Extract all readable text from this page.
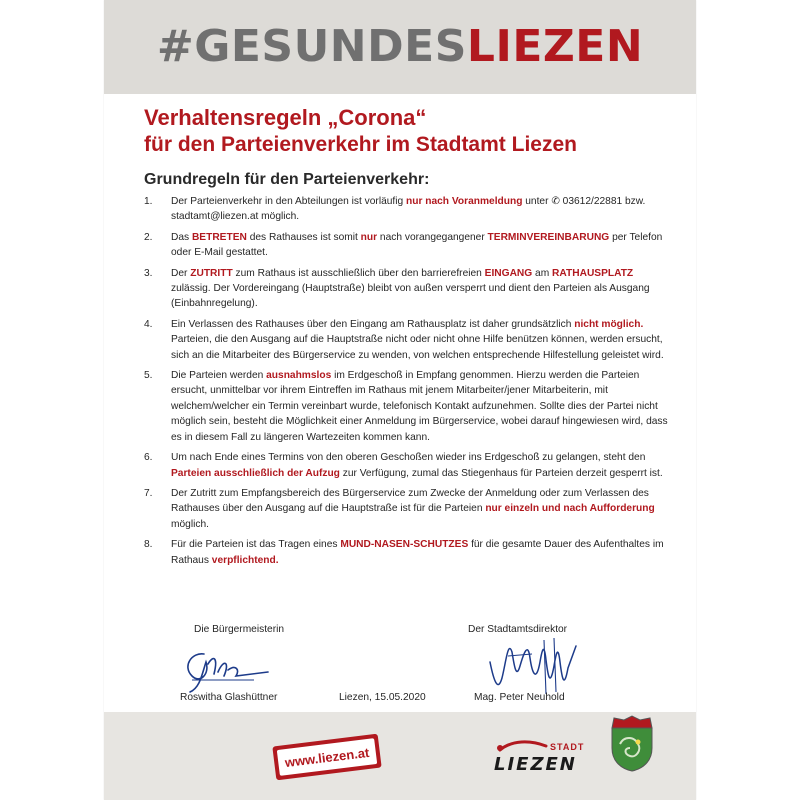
#GESUNDESLIEZEN
Verhaltensregeln „Corona“
für den Parteienverkehr im Stadtamt Liezen
Grundregeln für den Parteienverkehr:
1.	Der Parteienverkehr in den Abteilungen ist vorläufig nur nach Voranmeldung unter ✆ 03612/22881 bzw. stadtamt@liezen.at möglich.
2.	Das BETRETEN des Rathauses ist somit nur nach vorangegangener TERMINVEREINBARUNG per Telefon oder E-Mail gestattet.
3.	Der ZUTRITT zum Rathaus ist ausschließlich über den barrierefreien EINGANG am RATHAUSPLATZ zulässig. Der Vordereingang (Hauptstraße) bleibt von außen versperrt und dient den Parteien als Ausgang (Einbahnregelung).
4.	Ein Verlassen des Rathauses über den Eingang am Rathausplatz ist daher grundsätzlich nicht möglich. Parteien, die den Ausgang auf die Hauptstraße nicht oder nicht ohne Hilfe benützen können, werden ersucht, sich an die Mitarbeiter des Bürgerservice zu wenden, von welchen entsprechende Hilfestellung geleistet wird.
5.	Die Parteien werden ausnahmslos im Erdgeschoß in Empfang genommen. Hierzu werden die Parteien ersucht, unmittelbar vor ihrem Eintreffen im Rathaus mit jenem Mitarbeiter/jener Mitarbeiterin, mit welchem/welcher ein Termin vereinbart wurde, telefonisch Kontakt aufzunehmen. Sollte dies der Partei nicht möglich sein, besteht die Möglichkeit einer Anmeldung im Bürgerservice, wobei darauf hingewiesen wird, dass es in diesem Fall zu längeren Wartezeiten kommen kann.
6.	Um nach Ende eines Termins von den oberen Geschoßen wieder ins Erdgeschoß zu gelangen, steht den Parteien ausschließlich der Aufzug zur Verfügung, zumal das Stiegenhaus für Parteien derzeit gesperrt ist.
7.	Der Zutritt zum Empfangsbereich des Bürgerservice zum Zwecke der Anmeldung oder zum Verlassen des Rathauses über den Ausgang auf die Hauptstraße ist für die Parteien nur einzeln und nach Aufforderung möglich.
8.	Für die Parteien ist das Tragen eines MUND-NASEN-SCHUTZES für die gesamte Dauer des Aufenthaltes im Rathaus verpflichtend.
Die Bürgermeisterin	Der Stadtamtsdirektor
Roswitha Glashüttner	Liezen, 15.05.2020	Mag. Peter Neuhold
www.liezen.at	STADT
LIEZEN
